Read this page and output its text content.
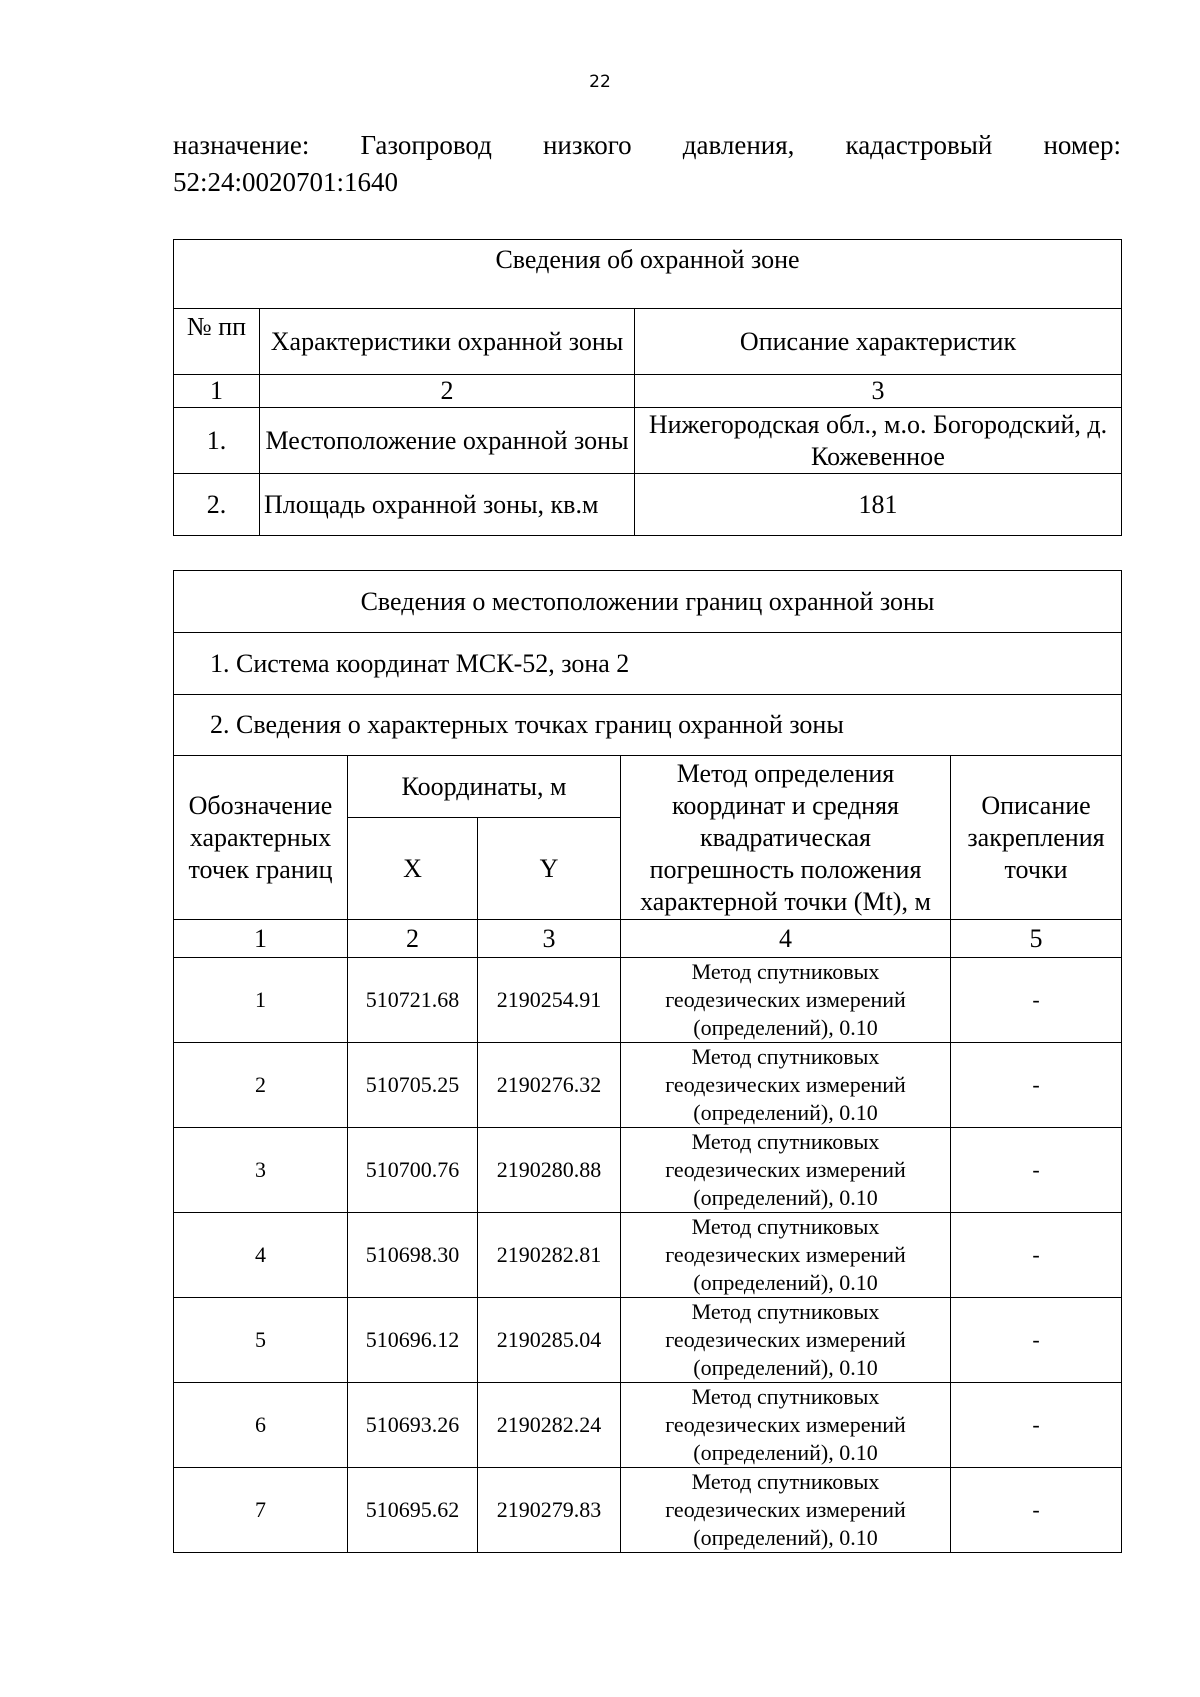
22
назначение: Газопровод низкого давления, кадастровый номер:
52:24:0020701:1640
Сведения об охранной зоне		
№ пп	Характеристики охранной зоны	Описание характеристик
1	2	3
1.	Местоположение охранной зоны	Нижегородская обл., м.о. Богородский, д. Кожевенное
2.	Площадь охранной зоны, кв.м	181
Сведения о местоположении границ охранной зоны				
1. Система координат МСК-52, зона 2				
2. Сведения о характерных точках границ охранной зоны				
Обозначение характерных точек границ	Координаты, м		Метод определения координат и средняя квадратическая погрешность положения характерной точки (Mt), м	Описание закрепления точки
	X	Y		
1	2	3	4	5
1	510721.68	2190254.91	Метод спутниковых геодезических измерений (определений), 0.10	-
2	510705.25	2190276.32	Метод спутниковых геодезических измерений (определений), 0.10	-
3	510700.76	2190280.88	Метод спутниковых геодезических измерений (определений), 0.10	-
4	510698.30	2190282.81	Метод спутниковых геодезических измерений (определений), 0.10	-
5	510696.12	2190285.04	Метод спутниковых геодезических измерений (определений), 0.10	-
6	510693.26	2190282.24	Метод спутниковых геодезических измерений (определений), 0.10	-
7	510695.62	2190279.83	Метод спутниковых геодезических измерений (определений), 0.10	-
